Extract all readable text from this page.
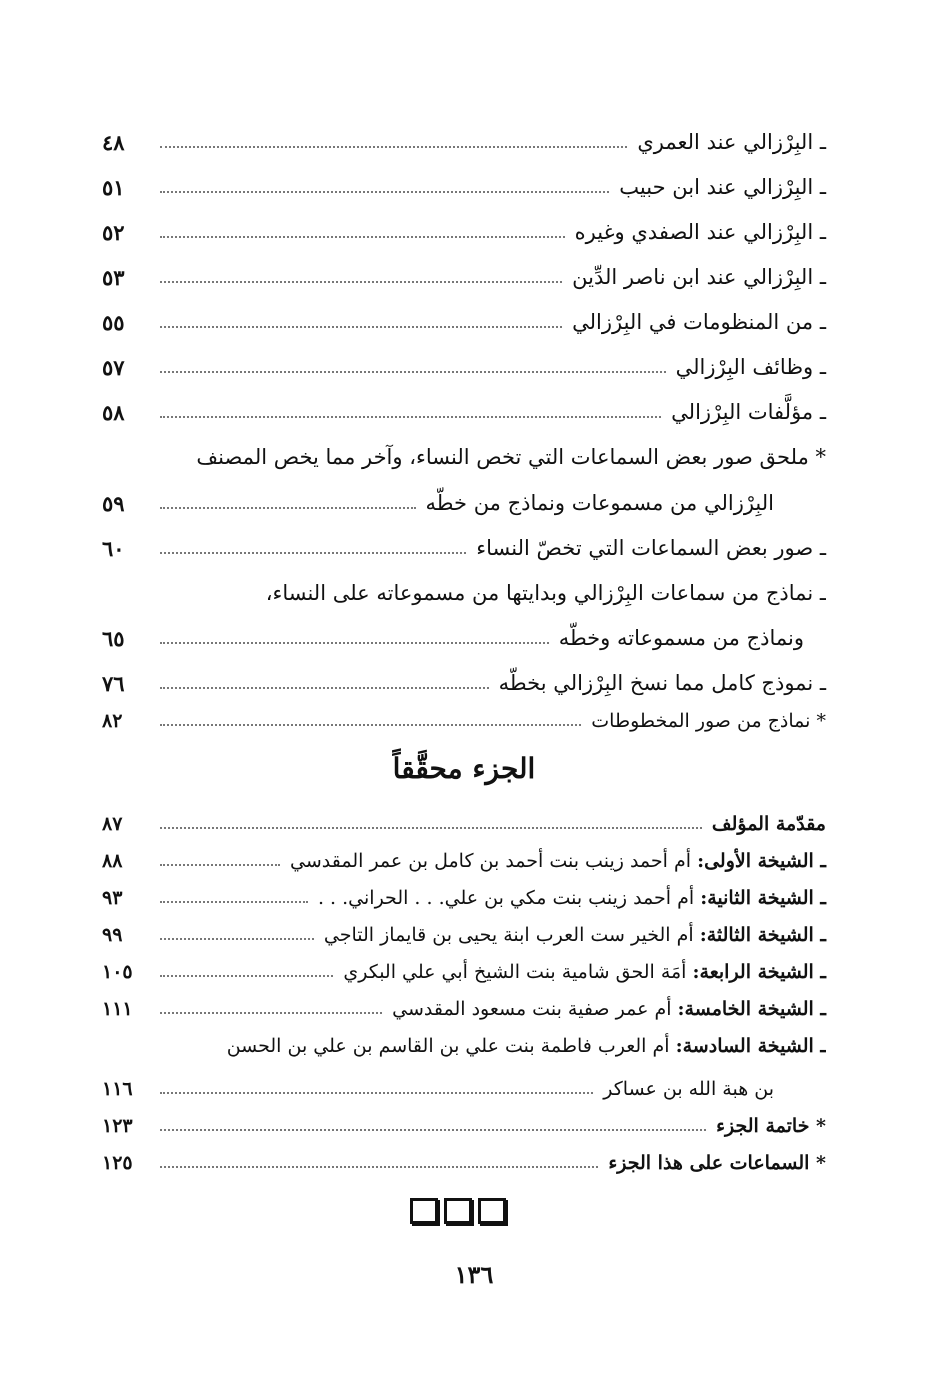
ـ البِرْزالي عند العمري
٤٨
ـ البِرْزالي عند ابن حبيب
٥١
ـ البِرْزالي عند الصفدي وغيره
٥٢
ـ البِرْزالي عند ابن ناصر الدِّين
٥٣
ـ من المنظومات في البِرْزالي
٥٥
ـ وظائف البِرْزالي
٥٧
ـ مؤلَّفات البِرْزالي
٥٨
* ملحق صور بعض السماعات التي تخص النساء، وآخر مما يخص المصنف
البِرْزالي من مسموعات ونماذج من خطّه
٥٩
ـ صور بعض السماعات التي تخصّ النساء
٦٠
ـ نماذج من سماعات البِرْزالي وبدايتها من مسموعاته على النساء،
ونماذج من مسموعاته وخطّه
٦٥
ـ نموذج كامل مما نسخ البِرْزالي بخطّه
٧٦
* نماذج من صور المخطوطات
٨٢
الجزء محقَّقاً
مقدّمة المؤلف
٨٧
ـ الشيخة الأولى: أم أحمد زينب بنت أحمد بن كامل بن عمر المقدسي
٨٨
ـ الشيخة الثانية: أم أحمد زينب بنت مكي بن علي. . . الحراني. . .
٩٣
ـ الشيخة الثالثة: أم الخير ست العرب ابنة يحيى بن قايماز التاجي
٩٩
ـ الشيخة الرابعة: أمَة الحق شامية بنت الشيخ أبي علي البكري
١٠٥
ـ الشيخة الخامسة: أم عمر صفية بنت مسعود المقدسي
١١١
ـ الشيخة السادسة: أم العرب فاطمة بنت علي بن القاسم بن علي بن الحسن
بن هبة الله بن عساكر
١١٦
* خاتمة الجزء
١٢٣
* السماعات على هذا الجزء
١٢٥
١٣٦
